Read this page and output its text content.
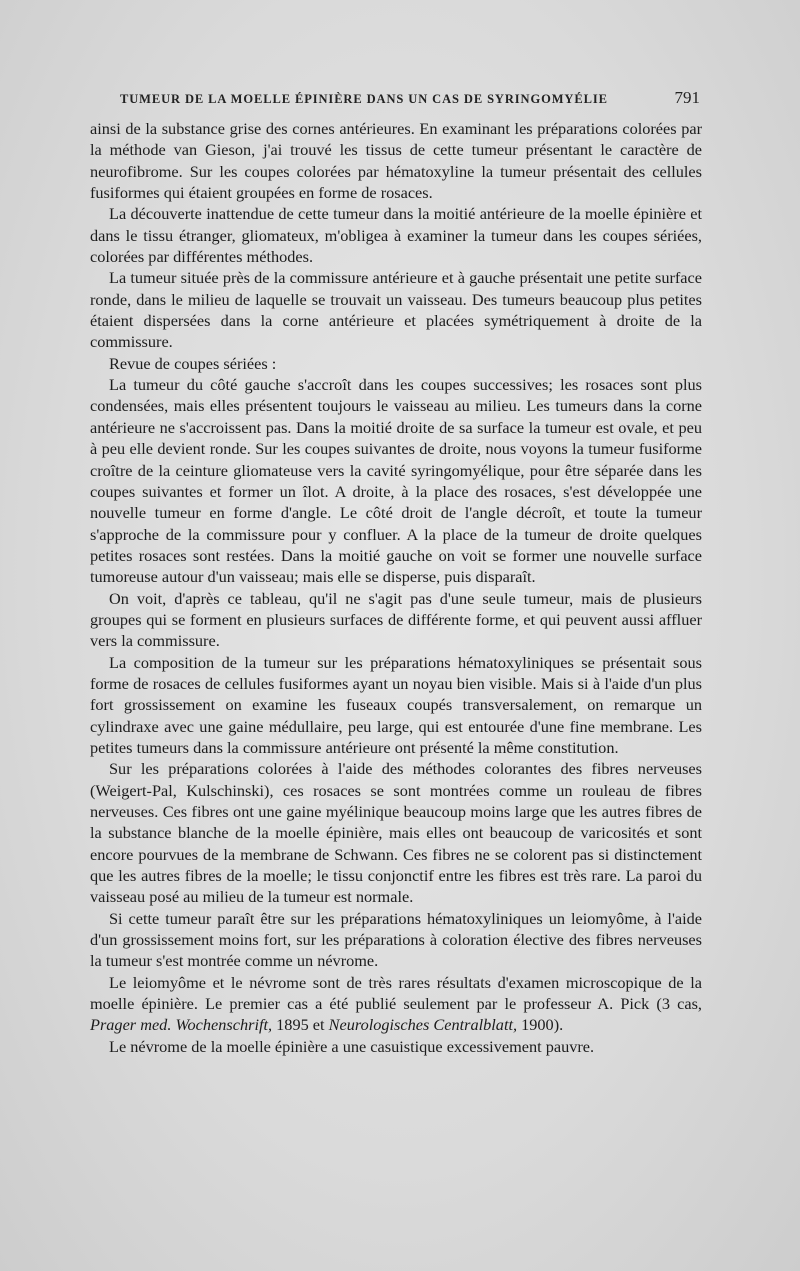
TUMEUR DE LA MOELLE ÉPINIÈRE DANS UN CAS DE SYRINGOMYÉLIE	791

ainsi de la substance grise des cornes antérieures. En examinant les préparations colorées par la méthode van Gieson, j'ai trouvé les tissus de cette tumeur présentant le caractère de neurofibrome. Sur les coupes colorées par hématoxyline la tumeur présentait des cellules fusiformes qui étaient groupées en forme de rosaces.

La découverte inattendue de cette tumeur dans la moitié antérieure de la moelle épinière et dans le tissu étranger, gliomateux, m'obligea à examiner la tumeur dans les coupes sériées, colorées par différentes méthodes.

La tumeur située près de la commissure antérieure et à gauche présentait une petite surface ronde, dans le milieu de laquelle se trouvait un vaisseau. Des tumeurs beaucoup plus petites étaient dispersées dans la corne antérieure et placées symétriquement à droite de la commissure.

Revue de coupes sériées :

La tumeur du côté gauche s'accroît dans les coupes successives; les rosaces sont plus condensées, mais elles présentent toujours le vaisseau au milieu. Les tumeurs dans la corne antérieure ne s'accroissent pas. Dans la moitié droite de sa surface la tumeur est ovale, et peu à peu elle devient ronde. Sur les coupes suivantes de droite, nous voyons la tumeur fusiforme croître de la ceinture gliomateuse vers la cavité syringomyélique, pour être séparée dans les coupes suivantes et former un îlot. A droite, à la place des rosaces, s'est développée une nouvelle tumeur en forme d'angle. Le côté droit de l'angle décroît, et toute la tumeur s'approche de la commissure pour y confluer. A la place de la tumeur de droite quelques petites rosaces sont restées. Dans la moitié gauche on voit se former une nouvelle surface tumoreuse autour d'un vaisseau; mais elle se disperse, puis disparaît.

On voit, d'après ce tableau, qu'il ne s'agit pas d'une seule tumeur, mais de plusieurs groupes qui se forment en plusieurs surfaces de différente forme, et qui peuvent aussi affluer vers la commissure.

La composition de la tumeur sur les préparations hématoxyliniques se présentait sous forme de rosaces de cellules fusiformes ayant un noyau bien visible. Mais si à l'aide d'un plus fort grossissement on examine les fuseaux coupés transversalement, on remarque un cylindraxe avec une gaine médullaire, peu large, qui est entourée d'une fine membrane. Les petites tumeurs dans la commissure antérieure ont présenté la même constitution.

Sur les préparations colorées à l'aide des méthodes colorantes des fibres nerveuses (Weigert-Pal, Kulschinski), ces rosaces se sont montrées comme un rouleau de fibres nerveuses. Ces fibres ont une gaine myélinique beaucoup moins large que les autres fibres de la substance blanche de la moelle épinière, mais elles ont beaucoup de varicosités et sont encore pourvues de la membrane de Schwann. Ces fibres ne se colorent pas si distinctement que les autres fibres de la moelle; le tissu conjonctif entre les fibres est très rare. La paroi du vaisseau posé au milieu de la tumeur est normale.

Si cette tumeur paraît être sur les préparations hématoxyliniques un leiomyôme, à l'aide d'un grossissement moins fort, sur les préparations à coloration élective des fibres nerveuses la tumeur s'est montrée comme un névrome.

Le leiomyôme et le névrome sont de très rares résultats d'examen microscopique de la moelle épinière. Le premier cas a été publié seulement par le professeur A. Pick (3 cas, Prager med. Wochenschrift, 1895 et Neurologisches Centralblatt, 1900).

Le névrome de la moelle épinière a une casuistique excessivement pauvre.
